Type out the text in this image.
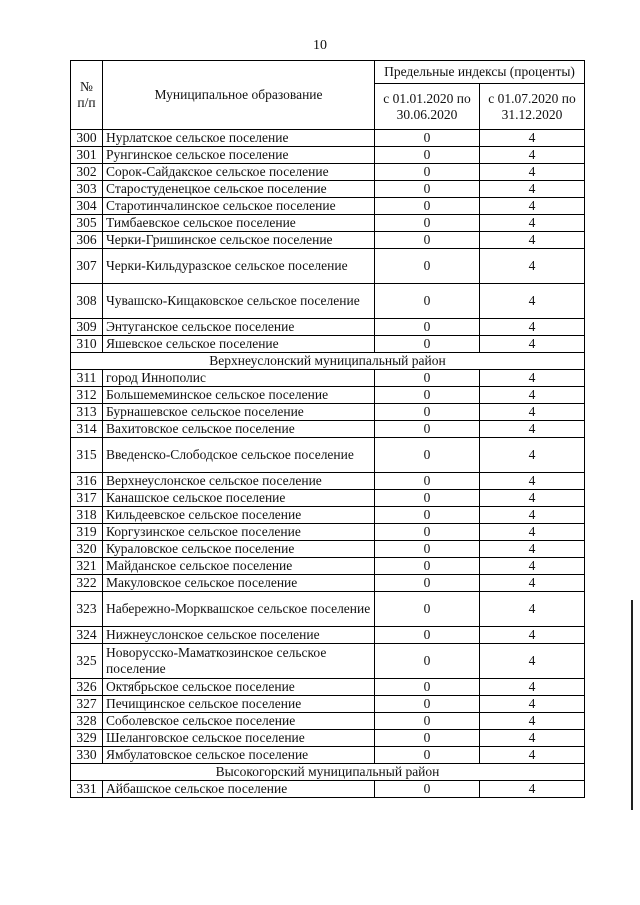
10
№ п/п	Муниципальное образование	Предельные индексы (проценты)	
		с 01.01.2020 по 30.06.2020	с 01.07.2020 по 31.12.2020
300	Нурлатское сельское поселение	0	4
301	Рунгинское сельское поселение	0	4
302	Сорок-Сайдакское сельское поселение	0	4
303	Старостуденецкое сельское поселение	0	4
304	Старотинчалинское сельское поселение	0	4
305	Тимбаевское сельское поселение	0	4
306	Черки-Гришинское сельское поселение	0	4
307	Черки-Кильдуразское сельское поселение	0	4
308	Чувашско-Кищаковское сельское поселение	0	4
309	Энтуганское сельское поселение	0	4
310	Яшевское сельское поселение	0	4
Верхнеуслонский муниципальный район			
311	город Иннополис	0	4
312	Большемеминское сельское поселение	0	4
313	Бурнашевское сельское поселение	0	4
314	Вахитовское сельское поселение	0	4
315	Введенско-Слободское сельское поселение	0	4
316	Верхнеуслонское сельское поселение	0	4
317	Канашское сельское поселение	0	4
318	Кильдеевское сельское поселение	0	4
319	Коргузинское сельское поселение	0	4
320	Кураловское сельское поселение	0	4
321	Майданское сельское поселение	0	4
322	Макуловское сельское поселение	0	4
323	Набережно-Морквашское сельское поселение	0	4
324	Нижнеуслонское сельское поселение	0	4
325	Новорусско-Маматкозинское сельское поселение	0	4
326	Октябрьское сельское поселение	0	4
327	Печищинское сельское поселение	0	4
328	Соболевское сельское поселение	0	4
329	Шеланговское сельское поселение	0	4
330	Ямбулатовское сельское поселение	0	4
Высокогорский муниципальный район			
331	Айбашское сельское поселение	0	4
